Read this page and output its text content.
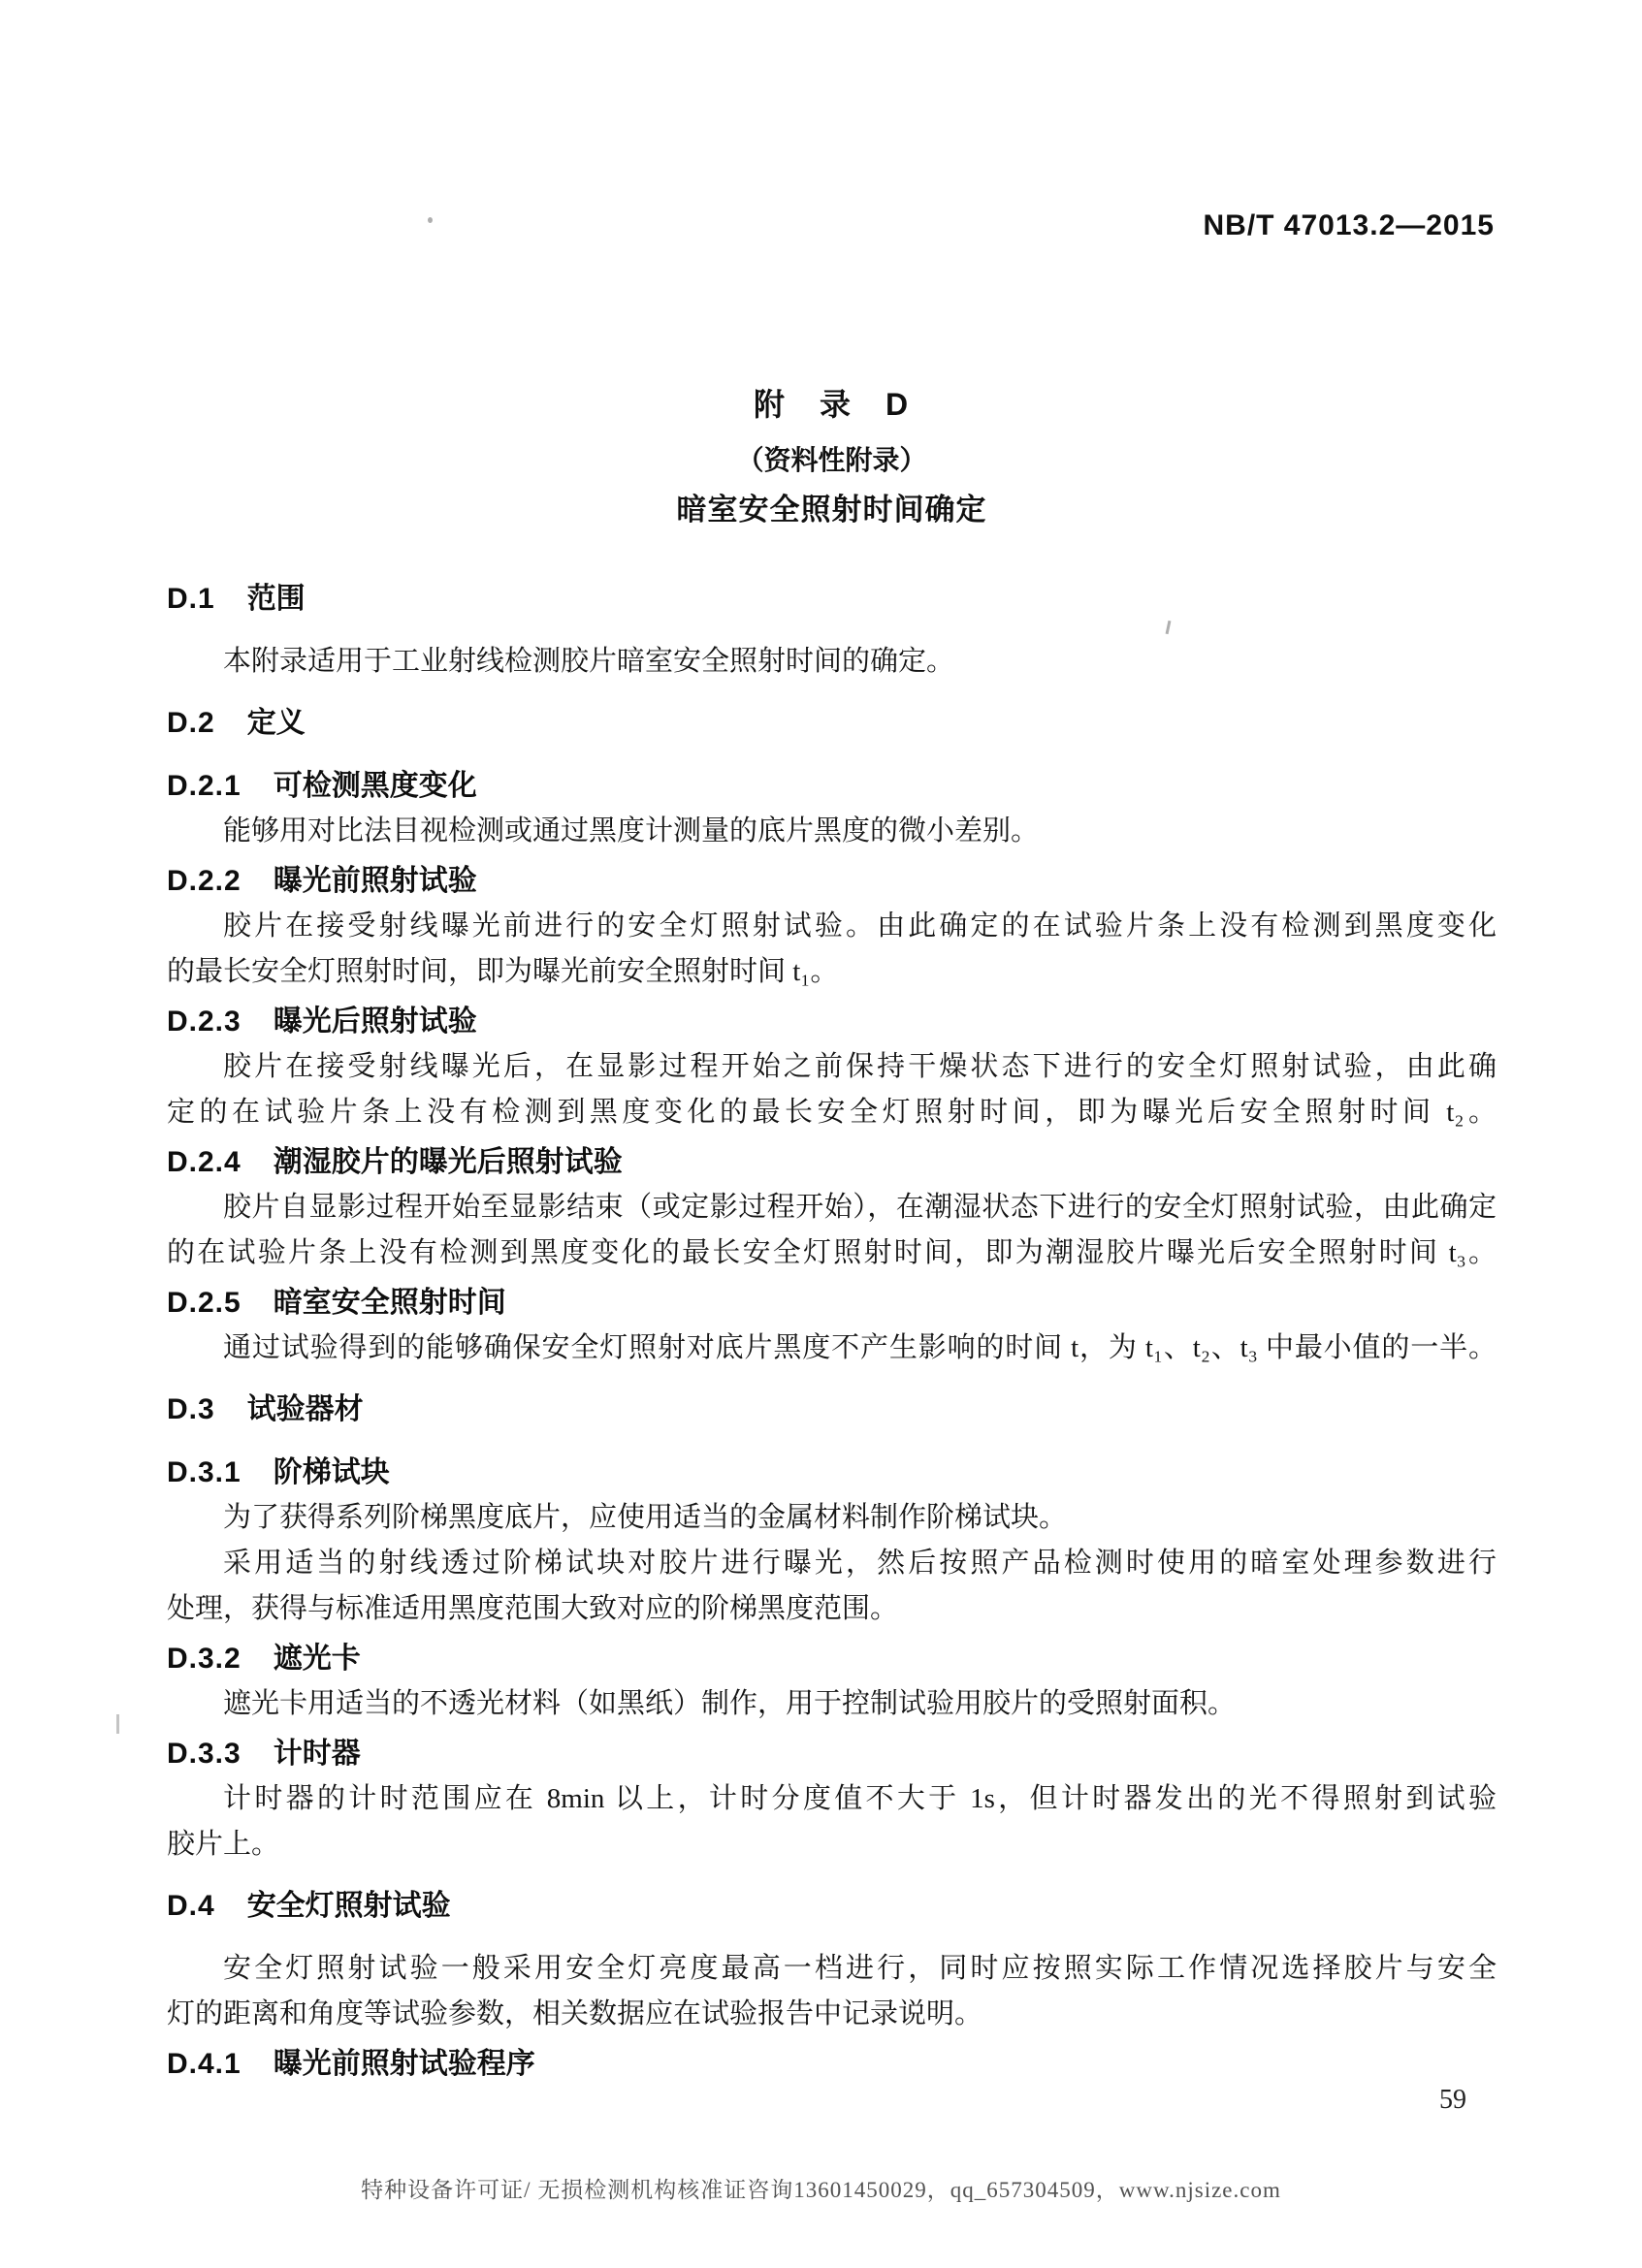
NB/T 47013.2—2015
附　录　D
（资料性附录）
暗室安全照射时间确定
D.1 范围
本附录适用于工业射线检测胶片暗室安全照射时间的确定。
D.2 定义
D.2.1 可检测黑度变化
能够用对比法目视检测或通过黑度计测量的底片黑度的微小差别。
D.2.2 曝光前照射试验
胶片在接受射线曝光前进行的安全灯照射试验。由此确定的在试验片条上没有检测到黑度变化
的最长安全灯照射时间，即为曝光前安全照射时间 t₁。
D.2.3 曝光后照射试验
胶片在接受射线曝光后，在显影过程开始之前保持干燥状态下进行的安全灯照射试验，由此确
定的在试验片条上没有检测到黑度变化的最长安全灯照射时间，即为曝光后安全照射时间 t₂。
D.2.4 潮湿胶片的曝光后照射试验
胶片自显影过程开始至显影结束（或定影过程开始），在潮湿状态下进行的安全灯照射试验，由此确定
的在试验片条上没有检测到黑度变化的最长安全灯照射时间，即为潮湿胶片曝光后安全照射时间 t₃。
D.2.5 暗室安全照射时间
通过试验得到的能够确保安全灯照射对底片黑度不产生影响的时间 t，为 t₁、t₂、t₃ 中最小值的一半。
D.3 试验器材
D.3.1 阶梯试块
为了获得系列阶梯黑度底片，应使用适当的金属材料制作阶梯试块。
采用适当的射线透过阶梯试块对胶片进行曝光，然后按照产品检测时使用的暗室处理参数进行
处理，获得与标准适用黑度范围大致对应的阶梯黑度范围。
D.3.2 遮光卡
遮光卡用适当的不透光材料（如黑纸）制作，用于控制试验用胶片的受照射面积。
D.3.3 计时器
计时器的计时范围应在 8min 以上，计时分度值不大于 1s，但计时器发出的光不得照射到试验
胶片上。
D.4 安全灯照射试验
安全灯照射试验一般采用安全灯亮度最高一档进行，同时应按照实际工作情况选择胶片与安全
灯的距离和角度等试验参数，相关数据应在试验报告中记录说明。
D.4.1 曝光前照射试验程序
59
特种设备许可证/ 无损检测机构核准证咨询13601450029，qq_657304509，www.njsize.com
